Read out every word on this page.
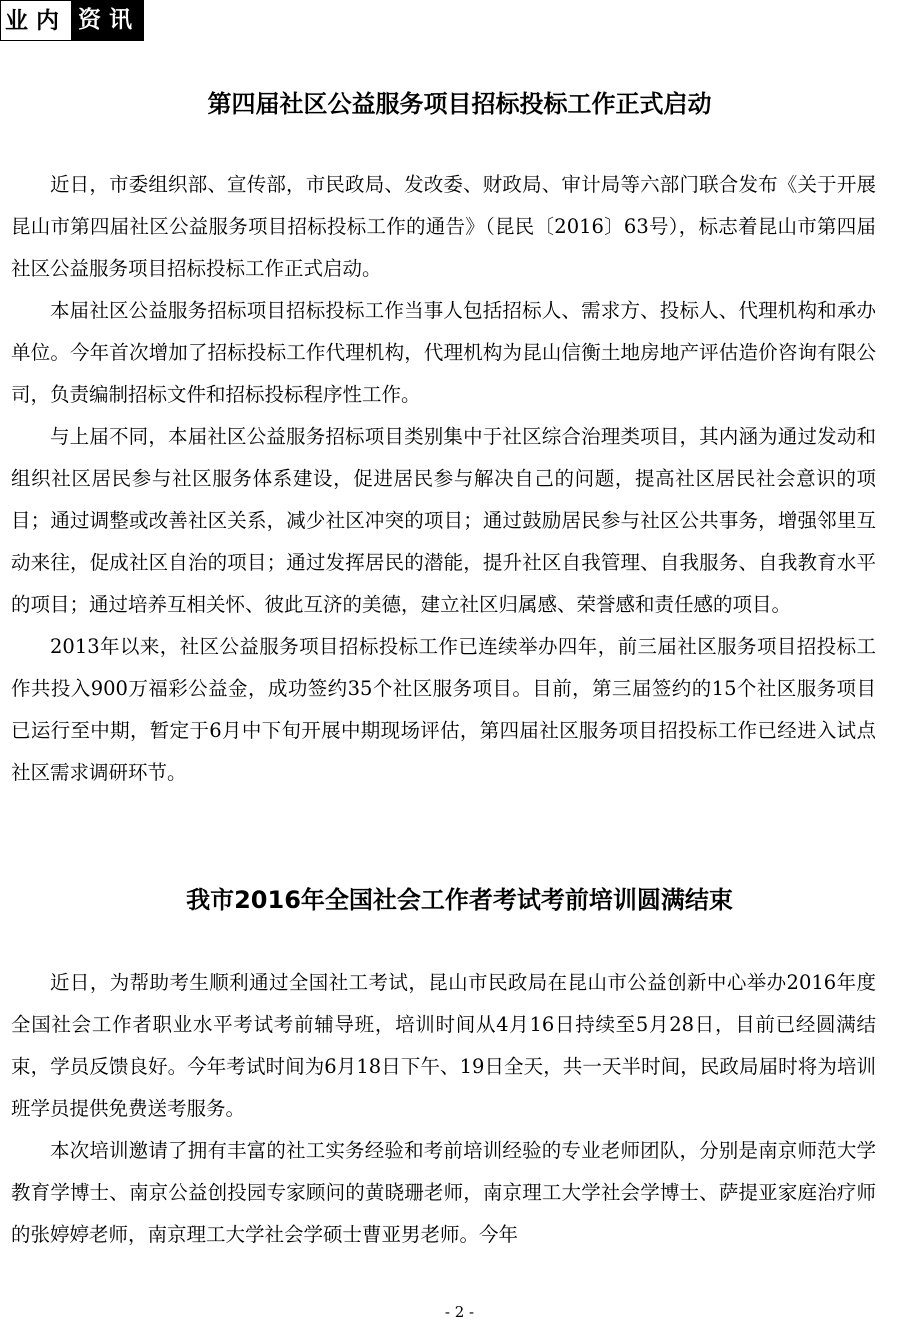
业内 资讯
第四届社区公益服务项目招标投标工作正式启动

近日，市委组织部、宣传部，市民政局、发改委、财政局、审计局等六部门联合发布《关于开展昆山市第四届社区公益服务项目招标投标工作的通告》（昆民〔2016〕63号），标志着昆山市第四届社区公益服务项目招标投标工作正式启动。

本届社区公益服务招标项目招标投标工作当事人包括招标人、需求方、投标人、代理机构和承办单位。今年首次增加了招标投标工作代理机构，代理机构为昆山信衡土地房地产评估造价咨询有限公司，负责编制招标文件和招标投标程序性工作。

与上届不同，本届社区公益服务招标项目类别集中于社区综合治理类项目，其内涵为通过发动和组织社区居民参与社区服务体系建设，促进居民参与解决自己的问题，提高社区居民社会意识的项目；通过调整或改善社区关系，减少社区冲突的项目；通过鼓励居民参与社区公共事务，增强邻里互动来往，促成社区自治的项目；通过发挥居民的潜能，提升社区自我管理、自我服务、自我教育水平的项目；通过培养互相关怀、彼此互济的美德，建立社区归属感、荣誉感和责任感的项目。

2013年以来，社区公益服务项目招标投标工作已连续举办四年，前三届社区服务项目招投标工作共投入900万福彩公益金，成功签约35个社区服务项目。目前，第三届签约的15个社区服务项目已运行至中期，暂定于6月中下旬开展中期现场评估，第四届社区服务项目招投标工作已经进入试点社区需求调研环节。

我市2016年全国社会工作者考试考前培训圆满结束

近日，为帮助考生顺利通过全国社工考试，昆山市民政局在昆山市公益创新中心举办2016年度全国社会工作者职业水平考试考前辅导班，培训时间从4月16日持续至5月28日，目前已经圆满结束，学员反馈良好。今年考试时间为6月18日下午、19日全天，共一天半时间，民政局届时将为培训班学员提供免费送考服务。

本次培训邀请了拥有丰富的社工实务经验和考前培训经验的专业老师团队，分别是南京师范大学教育学博士、南京公益创投园专家顾问的黄晓珊老师，南京理工大学社会学博士、萨提亚家庭治疗师的张婷婷老师，南京理工大学社会学硕士曹亚男老师。今年

- 2 -
